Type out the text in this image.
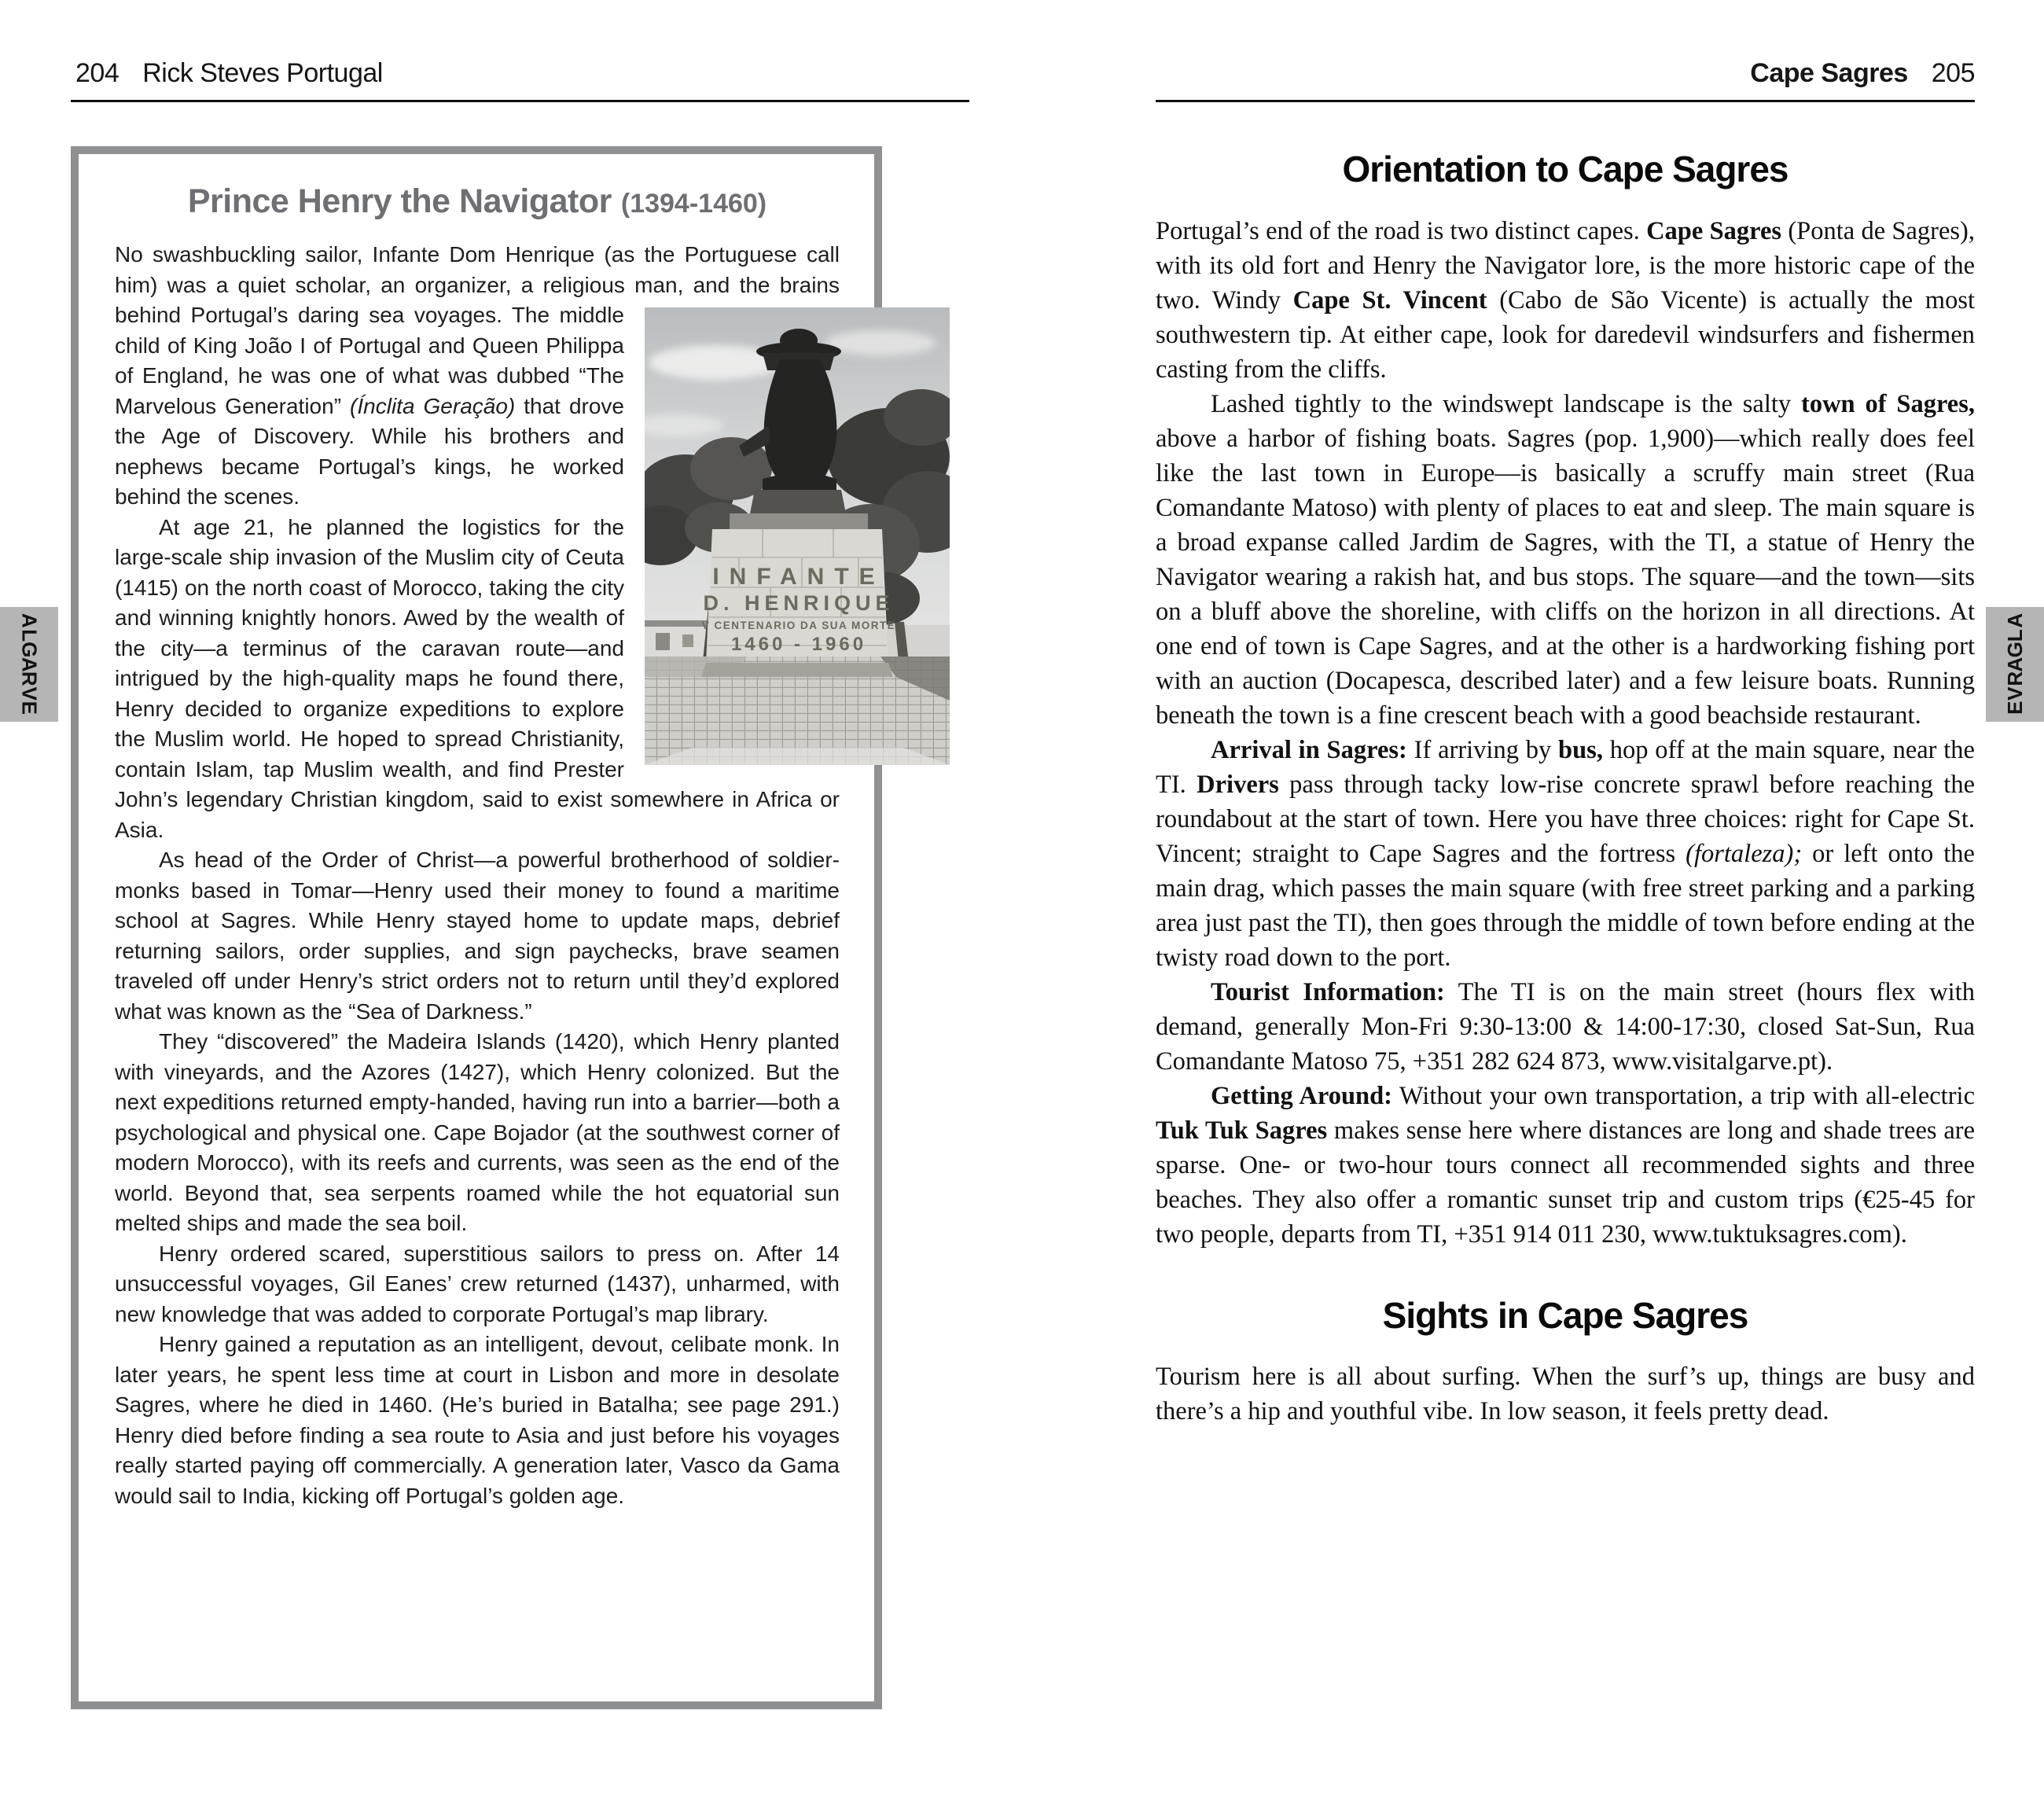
204 Rick Steves Portugal	Cape Sagres 205
A
L
G
A
R
V
E
A
L
G
A
R
V
E
Prince Henry the Navigator (1394-1460)

INFANTE
D. HENRIQUE
V CENTENARIO DA SUA MORTE
1460 - 1960
No swashbuckling sailor, Infante Dom Henrique (as the Portuguese call him) was a quiet scholar, an organizer, a religious man, and the brains behind Portugal’s daring sea voyages. The middle child of King João I of Portugal and Queen Philippa of England, he was one of what was dubbed “The Marvelous Generation” (Ínclita Geração) that drove the Age of Discovery. While his brothers and nephews became Portugal’s kings, he worked behind the scenes.

At age 21, he planned the logistics for the large-scale ship invasion of the Muslim city of Ceuta (1415) on the north coast of Morocco, taking the city and winning knightly honors. Awed by the wealth of the city—a terminus of the caravan route—and intrigued by the high-quality maps he found there, Henry decided to organize expeditions to explore the Muslim world. He hoped to spread Christianity, contain Islam, tap Muslim wealth, and find Prester John’s legendary Christian kingdom, said to exist somewhere in Africa or Asia.

As head of the Order of Christ—a powerful brotherhood of soldier-monks based in Tomar—Henry used their money to found a maritime school at Sagres. While Henry stayed home to update maps, debrief returning sailors, order supplies, and sign paychecks, brave seamen traveled off under Henry’s strict orders not to return until they’d explored what was known as the “Sea of Darkness.”

They “discovered” the Madeira Islands (1420), which Henry planted with vineyards, and the Azores (1427), which Henry colonized. But the next expeditions returned empty-handed, having run into a barrier—both a psychological and physical one. Cape Bojador (at the southwest corner of modern Morocco), with its reefs and currents, was seen as the end of the world. Beyond that, sea serpents roamed while the hot equatorial sun melted ships and made the sea boil.

Henry ordered scared, superstitious sailors to press on. After 14 unsuccessful voyages, Gil Eanes’ crew returned (1437), unharmed, with new knowledge that was added to corporate Portugal’s map library.

Henry gained a reputation as an intelligent, devout, celibate monk. In later years, he spent less time at court in Lisbon and more in desolate Sagres, where he died in 1460. (He’s buried in Batalha; see page 291.) Henry died before finding a sea route to Asia and just before his voyages really started paying off commercially. A generation later, Vasco da Gama would sail to India, kicking off Portugal’s golden age.

Orientation to Cape Sagres

Portugal’s end of the road is two distinct capes. Cape Sagres (Ponta de Sagres), with its old fort and Henry the Navigator lore, is the more historic cape of the two. Windy Cape St. Vincent (Cabo de São Vicente) is actually the most southwestern tip. At either cape, look for daredevil windsurfers and fishermen casting from the cliffs.

Lashed tightly to the windswept landscape is the salty town of Sagres, above a harbor of fishing boats. Sagres (pop. 1,900)—which really does feel like the last town in Europe—is basically a scruffy main street (Rua Comandante Matoso) with plenty of places to eat and sleep. The main square is a broad expanse called Jardim de Sagres, with the TI, a statue of Henry the Navigator wearing a rakish hat, and bus stops. The square—and the town—sits on a bluff above the shoreline, with cliffs on the horizon in all directions. At one end of town is Cape Sagres, and at the other is a hardworking fishing port with an auction (Docapesca, described later) and a few leisure boats. Running beneath the town is a fine crescent beach with a good beachside restaurant.

Arrival in Sagres: If arriving by bus, hop off at the main square, near the TI. Drivers pass through tacky low-rise concrete sprawl before reaching the roundabout at the start of town. Here you have three choices: right for Cape St. Vincent; straight to Cape Sagres and the fortress (fortaleza); or left onto the main drag, which passes the main square (with free street parking and a parking area just past the TI), then goes through the middle of town before ending at the twisty road down to the port.

Tourist Information: The TI is on the main street (hours flex with demand, generally Mon-Fri 9:30-13:00 & 14:00-17:30, closed Sat-Sun, Rua Comandante Matoso 75, +351 282 624 873, www.visitalgarve.pt).

Getting Around: Without your own transportation, a trip with all-electric Tuk Tuk Sagres makes sense here where distances are long and shade trees are sparse. One- or two-hour tours connect all recommended sights and three beaches. They also offer a romantic sunset trip and custom trips (€25-45 for two people, departs from TI, +351 914 011 230, www.tuktuksagres.com).

Sights in Cape Sagres

Tourism here is all about surfing. When the surf’s up, things are busy and there’s a hip and youthful vibe. In low season, it feels pretty dead.
